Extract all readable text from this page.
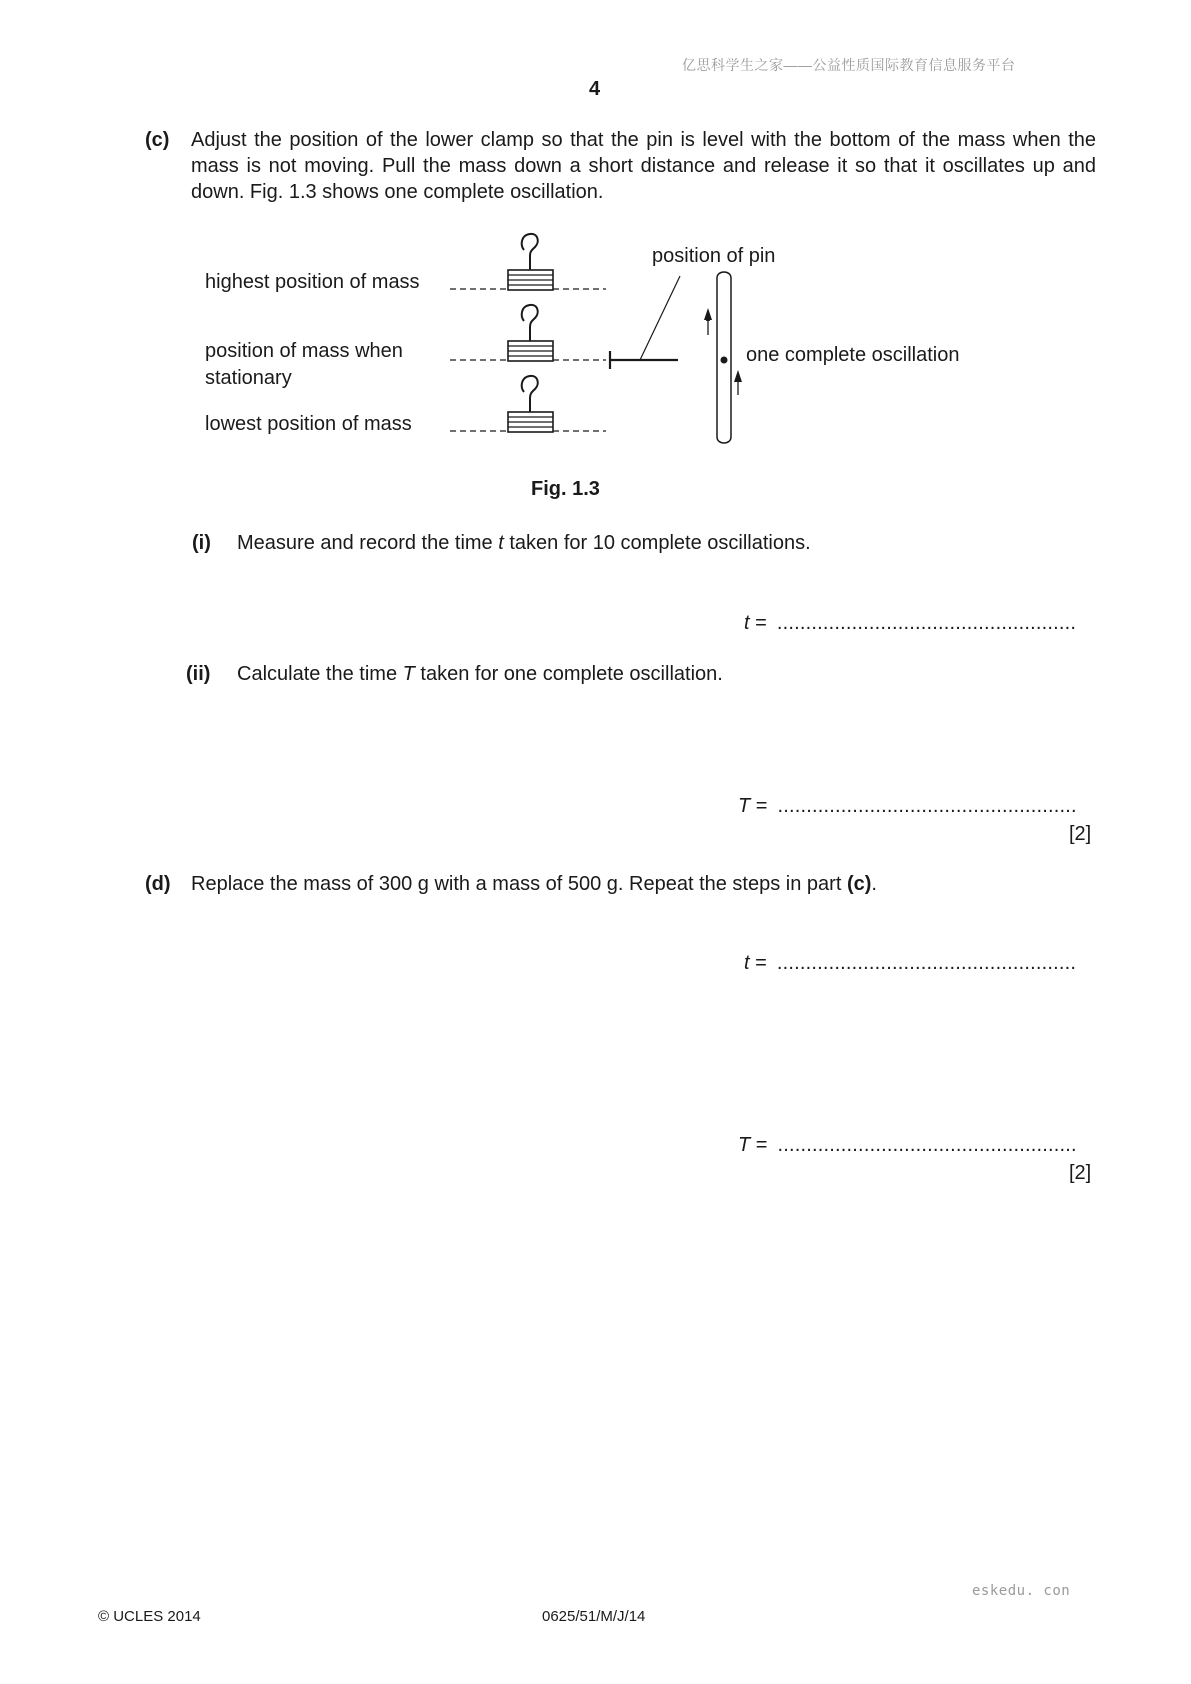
亿思科学生之家——公益性质国际教育信息服务平台
4
(c) Adjust the position of the lower clamp so that the pin is level with the bottom of the mass when the mass is not moving. Pull the mass down a short distance and release it so that it oscillates up and down. Fig. 1.3 shows one complete oscillation.
highest position of mass
position of mass when
stationary
lowest position of mass
position of pin
one complete oscillation
Fig. 1.3
(i) Measure and record the time t taken for 10 complete oscillations.
t = ....................................................
(ii) Calculate the time T taken for one complete oscillation.
T = ....................................................
[2]
(d) Replace the mass of 300 g with a mass of 500 g. Repeat the steps in part (c).
t = ....................................................
T = ....................................................
[2]
eskedu. con
© UCLES 2014	0625/51/M/J/14
